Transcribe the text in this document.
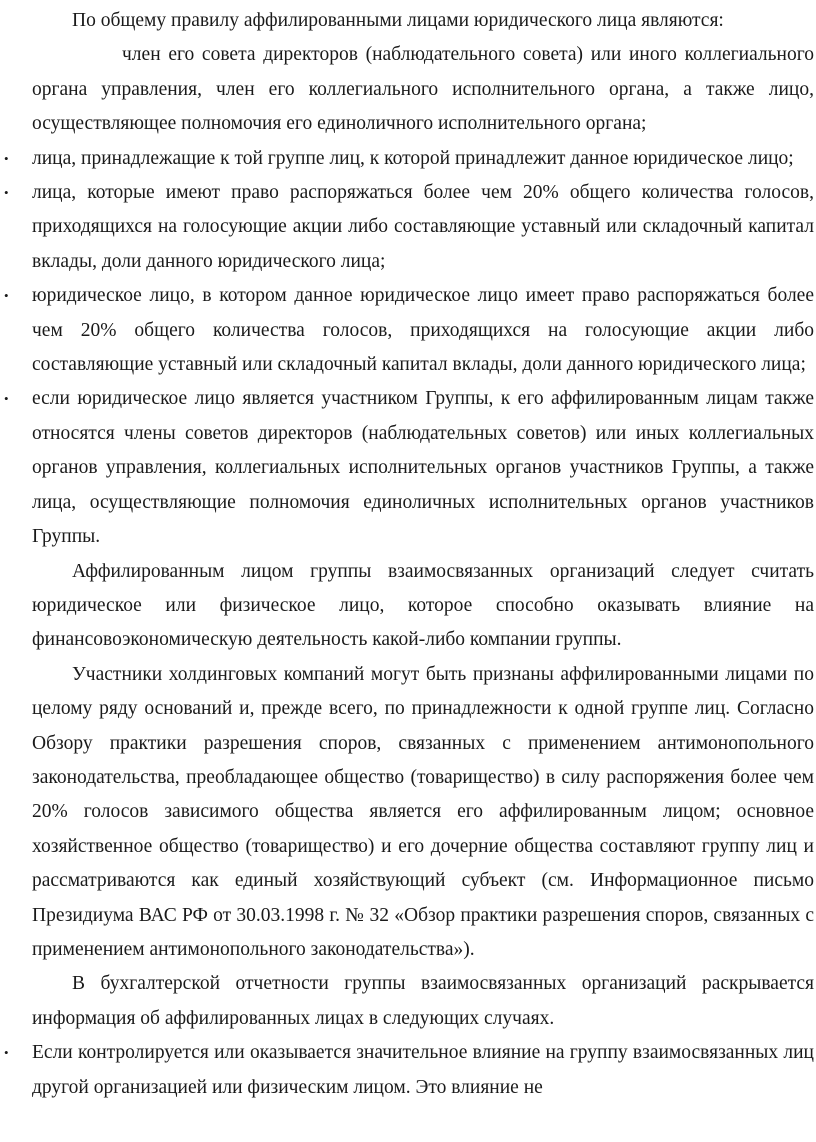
По общему правилу аффилированными лицами юридического лица являются:

член его совета директоров (наблюдательного совета) или иного коллегиального органа управления, член его коллегиального исполнительного органа, а также лицо, осуществляющее полномочия его единоличного исполнительного органа;

• лица, принадлежащие к той группе лиц, к которой принадлежит данное юридическое лицо;

• лица, которые имеют право распоряжаться более чем 20% общего количества голосов, приходящихся на голосующие акции либо составляющие уставный или складочный капитал вклады, доли данного юридического лица;

• юридическое лицо, в котором данное юридическое лицо имеет право распоряжаться более чем 20% общего количества голосов, приходящихся на голосующие акции либо составляющие уставный или складочный капитал вклады, доли данного юридического лица;

• если юридическое лицо является участником Группы, к его аффилированным лицам также относятся члены советов директоров (наблюдательных советов) или иных коллегиальных органов управления, коллегиальных исполнительных органов участников Группы, а также лица, осуществляющие полномочия единоличных исполнительных органов участников Группы.

Аффилированным лицом группы взаимосвязанных организаций следует считать юридическое или физическое лицо, которое способно оказывать влияние на финансовоэкономическую деятельность какой-либо компании группы.

Участники холдинговых компаний могут быть признаны аффилированными лицами по целому ряду оснований и, прежде всего, по принадлежности к одной группе лиц. Согласно Обзору практики разрешения споров, связанных с применением антимонопольного законодательства, преобладающее общество (товарищество) в силу распоряжения более чем 20% голосов зависимого общества является его аффилированным лицом; основное хозяйственное общество (товарищество) и его дочерние общества составляют группу лиц и рассматриваются как единый хозяйствующий субъект (см. Информационное письмо Президиума ВАС РФ от 30.03.1998 г. № 32 «Обзор практики разрешения споров, связанных с применением антимонопольного законодательства»).

В бухгалтерской отчетности группы взаимосвязанных организаций раскрывается информация об аффилированных лицах в следующих случаях.

• Если контролируется или оказывается значительное влияние на группу взаимосвязанных лиц другой организацией или физическим лицом. Это влияние не
